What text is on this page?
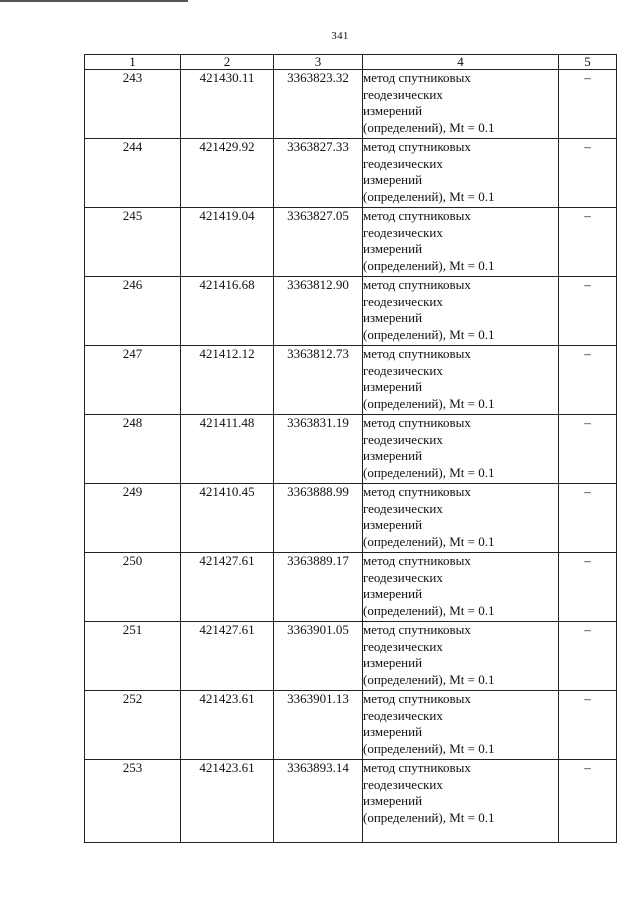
341
1	2	3	4	5
243	421430.11	3363823.32	метод спутниковых
геодезических
измерений
(определений), Mt = 0.1	–
244	421429.92	3363827.33	метод спутниковых
геодезических
измерений
(определений), Mt = 0.1	–
245	421419.04	3363827.05	метод спутниковых
геодезических
измерений
(определений), Mt = 0.1	–
246	421416.68	3363812.90	метод спутниковых
геодезических
измерений
(определений), Mt = 0.1	–
247	421412.12	3363812.73	метод спутниковых
геодезических
измерений
(определений), Mt = 0.1	–
248	421411.48	3363831.19	метод спутниковых
геодезических
измерений
(определений), Mt = 0.1	–
249	421410.45	3363888.99	метод спутниковых
геодезических
измерений
(определений), Mt = 0.1	–
250	421427.61	3363889.17	метод спутниковых
геодезических
измерений
(определений), Mt = 0.1	–
251	421427.61	3363901.05	метод спутниковых
геодезических
измерений
(определений), Mt = 0.1	–
252	421423.61	3363901.13	метод спутниковых
геодезических
измерений
(определений), Mt = 0.1	–
253	421423.61	3363893.14	метод спутниковых
геодезических
измерений
(определений), Mt = 0.1	–
